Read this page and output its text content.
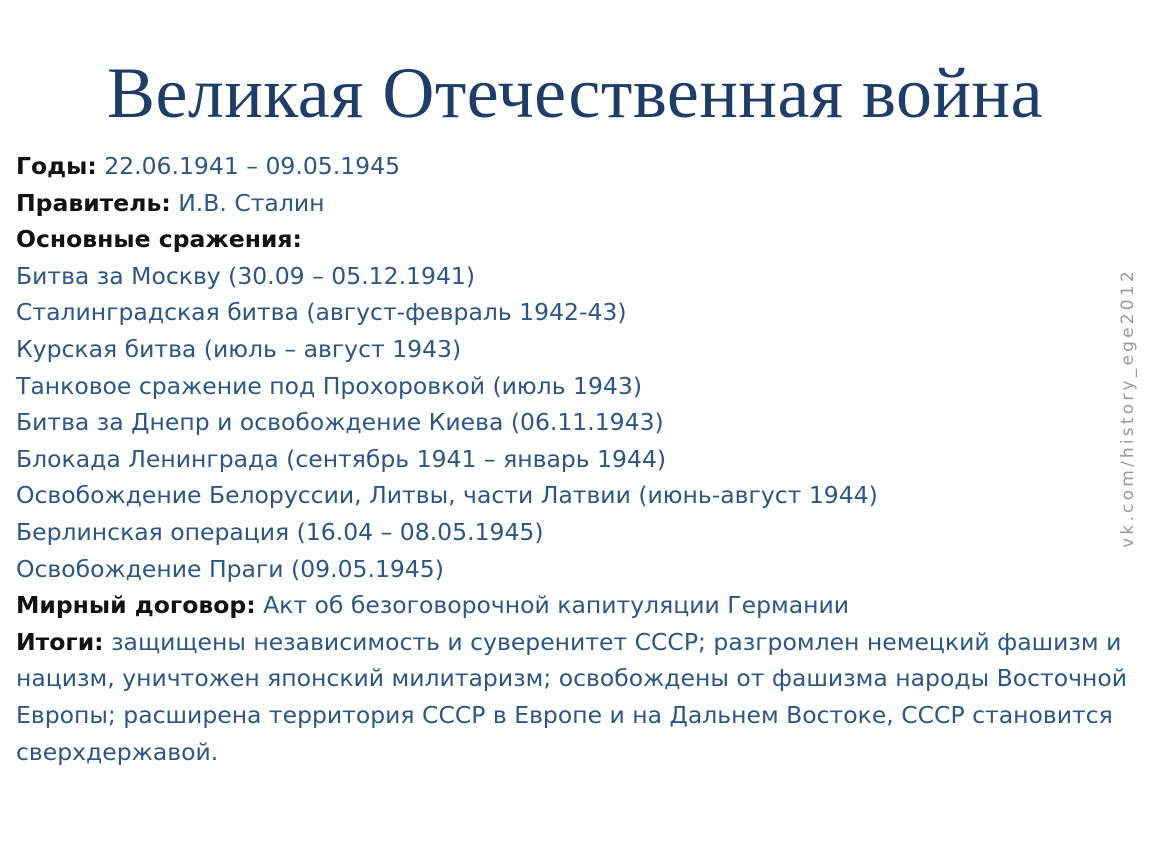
Великая Отечественная война

Годы: 22.06.1941 – 09.05.1945

Правитель: И.В. Сталин

Основные сражения:

Битва за Москву (30.09 – 05.12.1941)

Сталинградская битва (август-февраль 1942-43)

Курская битва (июль – август 1943)

Танковое сражение под Прохоровкой (июль 1943)

Битва за Днепр и освобождение Киева (06.11.1943)

Блокада Ленинграда (сентябрь 1941 – январь 1944)

Освобождение Белоруссии, Литвы, части Латвии (июнь-август 1944)

Берлинская операция (16.04 – 08.05.1945)

Освобождение Праги (09.05.1945)

Мирный договор: Акт об безоговорочной капитуляции Германии

Итоги: защищены независимость и суверенитет СССР; разгромлен немецкий фашизм и нацизм, уничтожен японский милитаризм; освобождены от фашизма народы Восточной Европы; расширена территория СССР в Европе и на Дальнем Востоке, СССР становится сверхдержавой.

vk.com/history_ege2012
